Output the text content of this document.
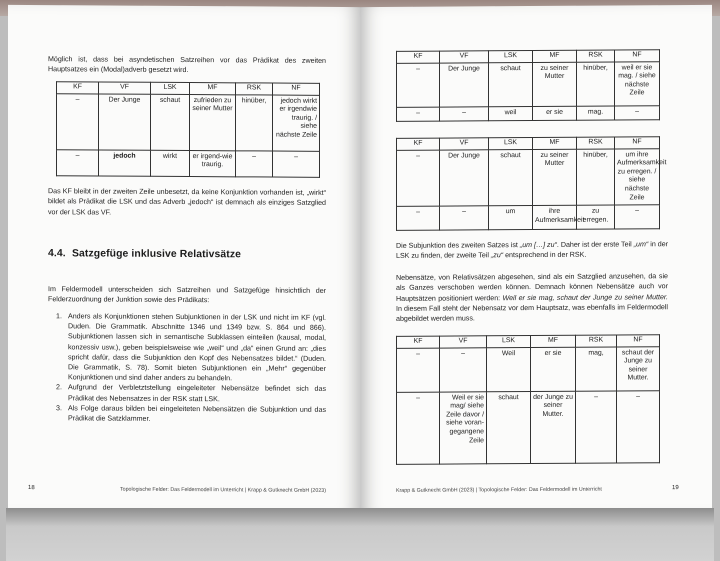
Möglich ist, dass bei asyndetischen Satzreihen vor das Prädikat des zweiten Hauptsatzes ein (Modal)adverb gesetzt wird.

KF	VF	LSK	MF	RSK	NF
–	Der Junge	schaut	zufrieden zu seiner Mutter	hinüber,	jedoch wirkt er irgendwie traurig. / siehe nächste Zeile
–	jedoch	wirkt	er irgend-wie traurig.	–	–

Das KF bleibt in der zweiten Zeile unbesetzt, da keine Konjunktion vorhanden ist, „wirkt“ bildet als Prädikat die LSK und das Adverb „jedoch“ ist demnach als einziges Satzglied vor der LSK das VF.

4.4. Satzgefüge inklusive Relativsätze

Im Feldermodell unterscheiden sich Satzreihen und Satzgefüge hinsichtlich der Felderzuordnung der Junktion sowie des Prädikats:

1. Anders als Konjunktionen stehen Subjunktionen in der LSK und nicht im KF (vgl. Duden. Die Grammatik. Abschnitte 1346 und 1349 bzw. S. 864 und 866). Subjunktionen lassen sich in semantische Subklassen einteilen (kausal, modal, konzessiv usw.), geben beispielsweise wie „weil“ und „da“ einen Grund an: „dies spricht dafür, dass die Subjunktion den Kopf des Nebensatzes bildet.“ (Duden. Die Grammatik, S. 78). Somit bieten Subjunktionen ein „Mehr“ gegenüber Konjunktionen und sind daher anders zu behandeln.
2. Aufgrund der Verbletztstellung eingeleiteter Nebensätze befindet sich das Prädikat des Nebensatzes in der RSK statt LSK.
3. Als Folge daraus bilden bei eingeleiteten Nebensätzen die Subjunktion und das Prädikat die Satzklammer.
18	Topologische Felder: Das Feldermodell im Unterricht | Krapp & Gutknecht GmbH (2023)
KF	VF	LSK	MF	RSK	NF
–	Der Junge	schaut	zu seiner Mutter	hinüber,	weil er sie mag. / siehe nächste Zeile
–	–	weil	er sie	mag.	–
KF	VF	LSK	MF	RSK	NF
–	Der Junge	schaut	zu seiner Mutter	hinüber,	um ihre Aufmerksamkeit zu erregen. / siehe nächste Zeile
–	–	um	ihre Aufmerksamkeit	zu erregen.	–

Die Subjunktion des zweiten Satzes ist „um […] zu“. Daher ist der erste Teil „um“ in der LSK zu finden, der zweite Teil „zu“ entsprechend in der RSK.

Nebensätze, von Relativsätzen abgesehen, sind als ein Satzglied anzusehen, da sie als Ganzes verschoben werden können. Demnach können Nebensätze auch vor Hauptsätzen positioniert werden: Weil er sie mag, schaut der Junge zu seiner Mutter. In diesem Fall steht der Nebensatz vor dem Hauptsatz, was ebenfalls im Feldermodell abgebildet werden muss.

KF	VF	LSK	MF	RSK	NF
–	–	Weil	er sie	mag,	schaut der Junge zu seiner Mutter.
–	Weil er sie mag/ siehe Zeile davor / siehe voran-gegangene Zeile	schaut	der Junge zu seiner Mutter.	–	–
Krapp & Gutknecht GmbH (2023) | Topologische Felder: Das Feldermodell im Unterricht	19
